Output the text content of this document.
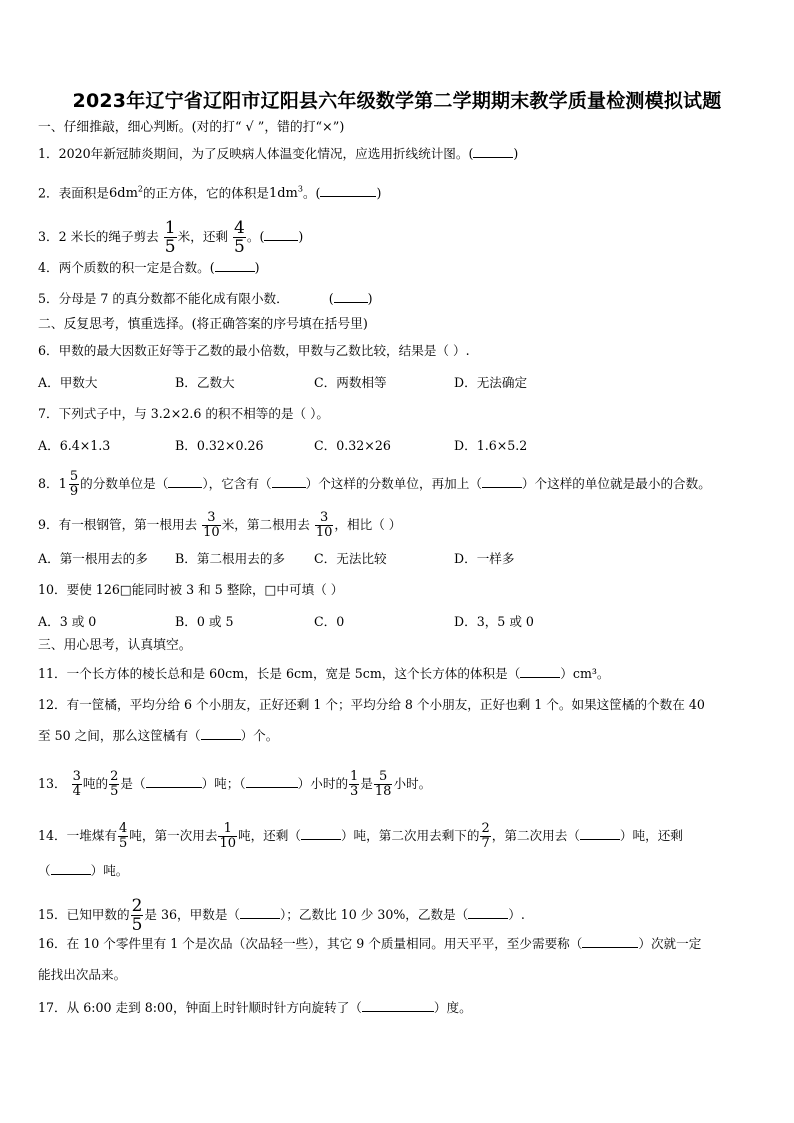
2023年辽宁省辽阳市辽阳县六年级数学第二学期期末教学质量检测模拟试题
一、仔细推敲，细心判断。(对的打“ √ ”，错的打“×”)
1．2020年新冠肺炎期间，为了反映病人体温变化情况，应选用折线统计图。(	)
2．表面积是$6dm^2$的正方体，它的体积是$1dm^3$。(	)
3．2 米长的绳子剪去 $\frac{1}{5}$ 米，还剩 $\frac{4}{5}$ 。(	)
4．两个质数的积一定是合数。(	)
5．分母是 7 的真分数都不能化成有限小数．	(	)
二、反复思考，慎重选择。(将正确答案的序号填在括号里)
6．甲数的最大因数正好等于乙数的最小倍数，甲数与乙数比较，结果是（ ）.
A．甲数大	B．乙数大	C．两数相等	D．无法确定
7．下列式子中，与 3.2×2.6 的积不相等的是（ ）。
A．6.4×1.3	B．0.32×0.26	C．0.32×26	D．1.6×5.2
8． $1 \frac{5}{9}$ 的分数单位是（	），它含有（	）个这样的分数单位，再加上（	）个这样的单位就是最小的合数。
9．有一根钢管，第一根用去 $\frac{3}{10}$ 米，第二根用去 $\frac{3}{10}$ ，相比（ ）
A．第一根用去的多 B．第二根用去的多 C．无法比较	D．一样多
10．要使 126□能同时被 3 和 5 整除，□中可填（ ）
A．3 或 0	B．0 或 5	C．0	D．3，5 或 0
三、用心思考，认真填空。
11．一个长方体的棱长总和是 60cm，长是 6cm，宽是 5cm，这个长方体的体积是（	）cm³。
12．有一筐橘，平均分给 6 个小朋友，正好还剩 1 个；平均分给 8 个小朋友，正好也剩 1 个。如果这筐橘的个数在 40
至 50 之间，那么这筐橘有（	）个。
13． $\frac{3}{4}$ 吨的 $\frac{2}{5}$ 是（	）吨；（	）小时的 $\frac{1}{3}$ 是 $\frac{5}{18}$ 小时。
14．一堆煤有 $\frac{4}{5}$ 吨，第一次用去 $\frac{1}{10}$ 吨，还剩（	）吨，第二次用去剩下的 $\frac{2}{7}$ ，第二次用去（	）吨，还剩
（	）吨。
15．已知甲数的 $\frac{2}{5}$ 是 36，甲数是（	）；乙数比 10 少 30%，乙数是（	）.
16．在 10 个零件里有 1 个是次品（次品轻一些），其它 9 个质量相同。用天平平，至少需要称（	）次就一定
能找出次品来。
17．从 6:00 走到 8:00，钟面上时针顺时针方向旋转了（	）度。
